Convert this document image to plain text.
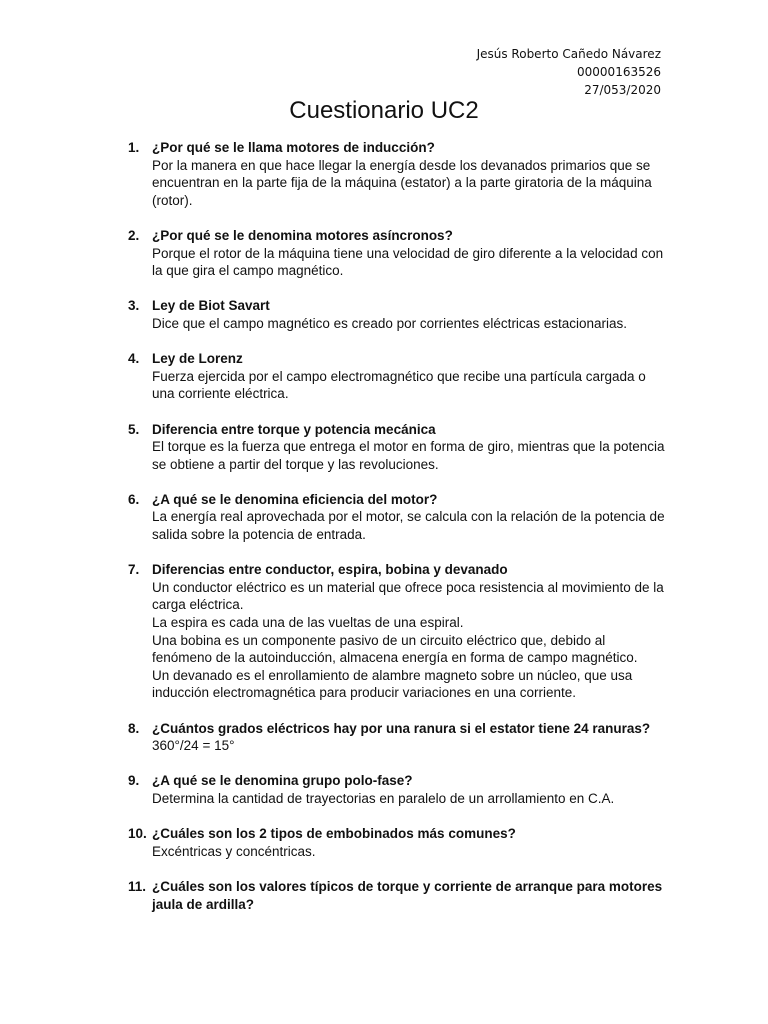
Jesús Roberto Cañedo Návarez
00000163526
27/053/2020
Cuestionario UC2
1. ¿Por qué se le llama motores de inducción?
Por la manera en que hace llegar la energía desde los devanados primarios que se encuentran en la parte fija de la máquina (estator) a la parte giratoria de la máquina (rotor).
2. ¿Por qué se le denomina motores asíncronos?
Porque el rotor de la máquina tiene una velocidad de giro diferente a la velocidad con la que gira el campo magnético.
3. Ley de Biot Savart
Dice que el campo magnético es creado por corrientes eléctricas estacionarias.
4. Ley de Lorenz
Fuerza ejercida por el campo electromagnético que recibe una partícula cargada o una corriente eléctrica.
5. Diferencia entre torque y potencia mecánica
El torque es la fuerza que entrega el motor en forma de giro, mientras que la potencia se obtiene a partir del torque y las revoluciones.
6. ¿A qué se le denomina eficiencia del motor?
La energía real aprovechada por el motor, se calcula con la relación de la potencia de salida sobre la potencia de entrada.
7. Diferencias entre conductor, espira, bobina y devanado
Un conductor eléctrico es un material que ofrece poca resistencia al movimiento de la carga eléctrica.
La espira es cada una de las vueltas de una espiral.
Una bobina es un componente pasivo de un circuito eléctrico que, debido al fenómeno de la autoinducción, almacena energía en forma de campo magnético.
Un devanado es el enrollamiento de alambre magneto sobre un núcleo, que usa inducción electromagnética para producir variaciones en una corriente.
8. ¿Cuántos grados eléctricos hay por una ranura si el estator tiene 24 ranuras?
360°/24 = 15°
9. ¿A qué se le denomina grupo polo-fase?
Determina la cantidad de trayectorias en paralelo de un arrollamiento en C.A.
10. ¿Cuáles son los 2 tipos de embobinados más comunes?
Excéntricas y concéntricas.
11. ¿Cuáles son los valores típicos de torque y corriente de arranque para motores jaula de ardilla?
